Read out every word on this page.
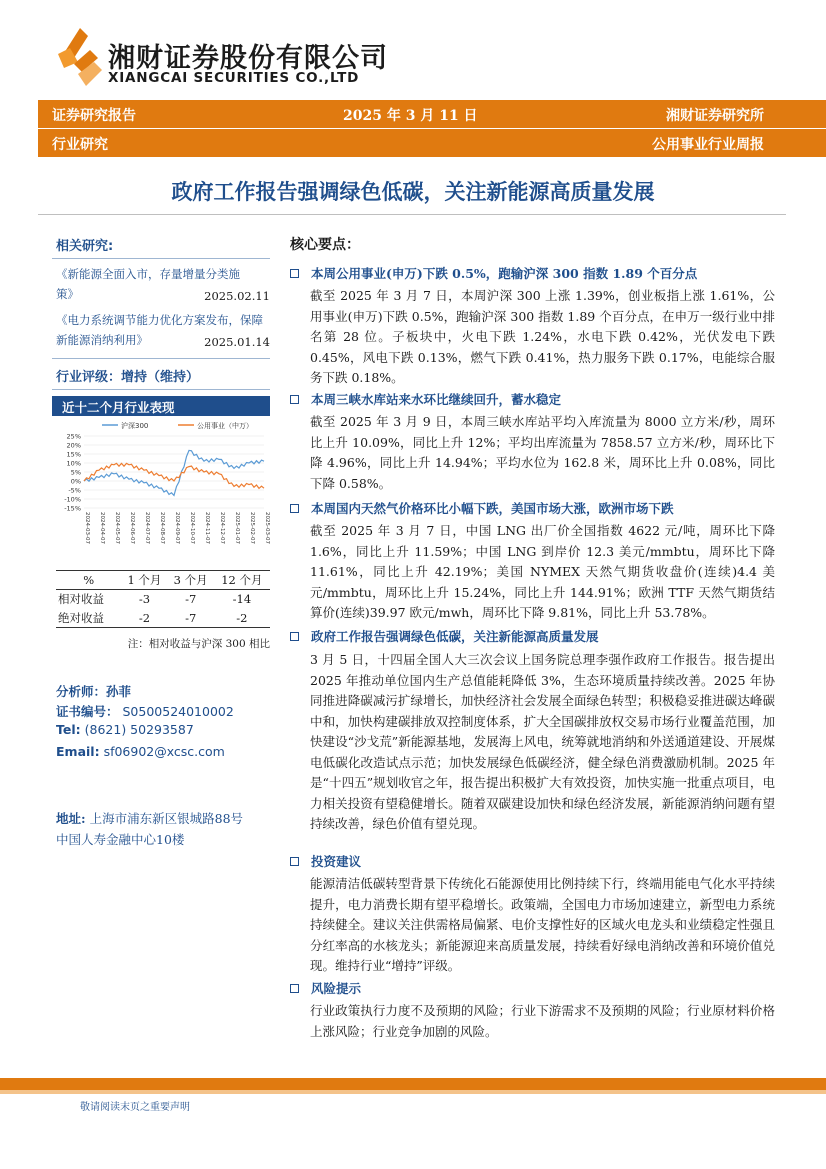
湘财证券股份有限公司
XIANGCAI SECURITIES CO.,LTD
证券研究报告	2025 年 3 月 11 日	湘财证券研究所
行业研究	公用事业行业周报
政府工作报告强调绿色低碳，关注新能源高质量发展
相关研究:
《新能源全面入市，存量增量分类施策》	2025.02.11
《电力系统调节能力优化方案发布，保障新能源消纳利用》	2025.01.14
行业评级：增持（维持）
近十二个月行业表现
沪深300	公用事业（中万）
25%
20%
15%
10%
5%
0%
-5%
-10%
-15%
2024-03-07 2024-04-07 2024-05-07 2024-06-07 2024-07-07 2024-08-07 2024-09-07 2024-10-07 2024-11-07 2024-12-07 2025-01-07 2025-02-07 2025-03-07
%	1 个月	3 个月	12 个月
相对收益	-3	-7	-14
绝对收益	-2	-7	-2
注：相对收益与沪深 300 相比
分析师：孙菲
证书编号： S0500524010002
Tel: (8621) 50293587
Email: sf06902@xcsc.com
地址: 上海市浦东新区银城路88号
中国人寿金融中心10楼
核心要点：
本周公用事业(申万)下跌 0.5%，跑输沪深 300 指数 1.89 个百分点
截至 2025 年 3 月 7 日，本周沪深 300 上涨 1.39%，创业板指上涨 1.61%，公用事业(申万)下跌 0.5%，跑输沪深 300 指数 1.89 个百分点，在申万一级行业中排名第 28 位。子板块中，火电下跌 1.24%，水电下跌 0.42%，光伏发电下跌 0.45%，风电下跌 0.13%，燃气下跌 0.41%，热力服务下跌 0.17%，电能综合服务下跌 0.18%。
本周三峡水库站来水环比继续回升，蓄水稳定
截至 2025 年 3 月 9 日，本周三峡水库站平均入库流量为 8000 立方米/秒，周环比上升 10.09%，同比上升 12%；平均出库流量为 7858.57 立方米/秒，周环比下降 4.96%，同比上升 14.94%；平均水位为 162.8 米，周环比上升 0.08%，同比下降 0.58%。
本周国内天然气价格环比小幅下跌，美国市场大涨，欧洲市场下跌
截至 2025 年 3 月 7 日，中国 LNG 出厂价全国指数 4622 元/吨，周环比下降 1.6%，同比上升 11.59%；中国 LNG 到岸价 12.3 美元/mmbtu，周环比下降 11.61%，同比上升 42.19%；美国 NYMEX 天然气期货收盘价(连续)4.4 美元/mmbtu，周环比上升 15.24%，同比上升 144.91%；欧洲 TTF 天然气期货结算价(连续)39.97 欧元/mwh，周环比下降 9.81%，同比上升 53.78%。
政府工作报告强调绿色低碳，关注新能源高质量发展
3 月 5 日，十四届全国人大三次会议上国务院总理李强作政府工作报告。报告提出 2025 年推动单位国内生产总值能耗降低 3%，生态环境质量持续改善。2025 年协同推进降碳减污扩绿增长，加快经济社会发展全面绿色转型；积极稳妥推进碳达峰碳中和，加快构建碳排放双控制度体系，扩大全国碳排放权交易市场行业覆盖范围，加快建设“沙戈荒”新能源基地，发展海上风电，统筹就地消纳和外送通道建设、开展煤电低碳化改造试点示范；加快发展绿色低碳经济，健全绿色消费激励机制。2025 年是“十四五”规划收官之年，报告提出积极扩大有效投资，加快实施一批重点项目，电力相关投资有望稳健增长。随着双碳建设加快和绿色经济发展，新能源消纳问题有望持续改善，绿色价值有望兑现。
投资建议
能源清洁低碳转型背景下传统化石能源使用比例持续下行，终端用能电气化水平持续提升，电力消费长期有望平稳增长。政策端，全国电力市场加速建立，新型电力系统持续健全。建议关注供需格局偏紧、电价支撑性好的区域火电龙头和业绩稳定性强且分红率高的水核龙头；新能源迎来高质量发展，持续看好绿电消纳改善和环境价值兑现。维持行业“增持”评级。
风险提示
行业政策执行力度不及预期的风险；行业下游需求不及预期的风险；行业原材料价格上涨风险；行业竞争加剧的风险。
敬请阅读末页之重要声明
